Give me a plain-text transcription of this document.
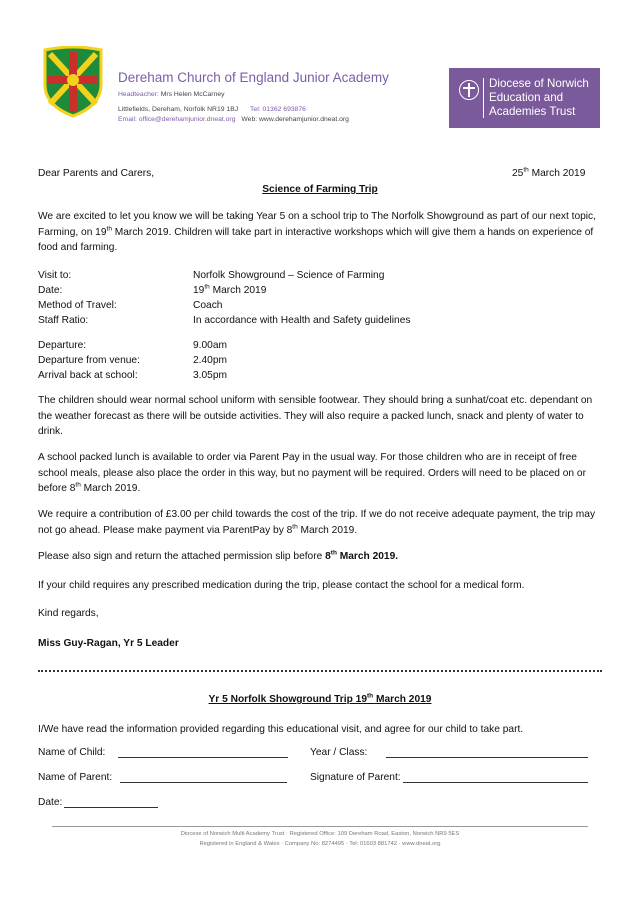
Dereham Church of England Junior Academy
Headteacher: Mrs Helen McCarney
Littlefields, Dereham, Norfolk NR19 1BJ Tel: 01362 693876
Email: office@derehamjunior.dneat.org Web: www.derehamjunior.dneat.org
Diocese of Norwich
Education and
Academies Trust
Dear Parents and Carers,	25th March 2019
Science of Farming Trip
We are excited to let you know we will be taking Year 5 on a school trip to The Norfolk Showground as part of our next topic, Farming, on 19th March 2019. Children will take part in interactive workshops which will give them a hands on experience of food and farming.
Visit to:	Norfolk Showground – Science of Farming
Date:	19th March 2019
Method of Travel:	Coach
Staff Ratio:	In accordance with Health and Safety guidelines
Departure:	9.00am
Departure from venue:	2.40pm
Arrival back at school:	3.05pm
The children should wear normal school uniform with sensible footwear. They should bring a sunhat/coat etc. dependant on the weather forecast as there will be outside activities. They will also require a packed lunch, snack and plenty of water to drink.
A school packed lunch is available to order via Parent Pay in the usual way. For those children who are in receipt of free school meals, please also place the order in this way, but no payment will be required. Orders will need to be placed on or before 8th March 2019.
We require a contribution of £3.00 per child towards the cost of the trip. If we do not receive adequate payment, the trip may not go ahead. Please make payment via ParentPay by 8th March 2019.
Please also sign and return the attached permission slip before 8th March 2019.
If your child requires any prescribed medication during the trip, please contact the school for a medical form.
Kind regards,
Miss Guy-Ragan, Yr 5 Leader
Yr 5 Norfolk Showground Trip 19th March 2019
I/We have read the information provided regarding this educational visit, and agree for our child to take part.
Name of Child:	Year / Class:
Name of Parent:	Signature of Parent:
Date:
Diocese of Norwich Multi Academy Trust · Registered Office: 109 Dereham Road, Easton, Norwich NR9 5ES
Registered in England & Wales · Company No: 8274495 · Tel: 01603 881742 · www.dneat.org
